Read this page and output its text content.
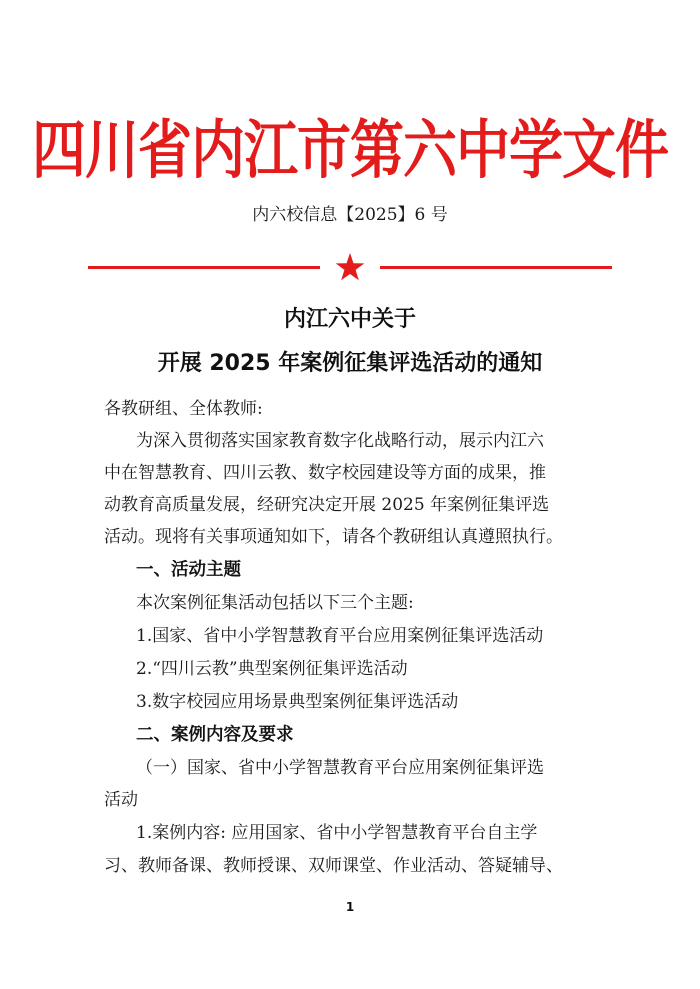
四川省内江市第六中学文件
内六校信息【2025】6 号
内江六中关于
开展 2025 年案例征集评选活动的通知
各教研组、全体教师:
为深入贯彻落实国家教育数字化战略行动，展示内江六
中在智慧教育、四川云教、数字校园建设等方面的成果，推
动教育高质量发展，经研究决定开展 2025 年案例征集评选
活动。现将有关事项通知如下，请各个教研组认真遵照执行。
一、活动主题
本次案例征集活动包括以下三个主题:
1.国家、省中小学智慧教育平台应用案例征集评选活动
2.“四川云教”典型案例征集评选活动
3.数字校园应用场景典型案例征集评选活动
二、案例内容及要求
（一）国家、省中小学智慧教育平台应用案例征集评选
活动
1.案例内容: 应用国家、省中小学智慧教育平台自主学
习、教师备课、教师授课、双师课堂、作业活动、答疑辅导、
1
